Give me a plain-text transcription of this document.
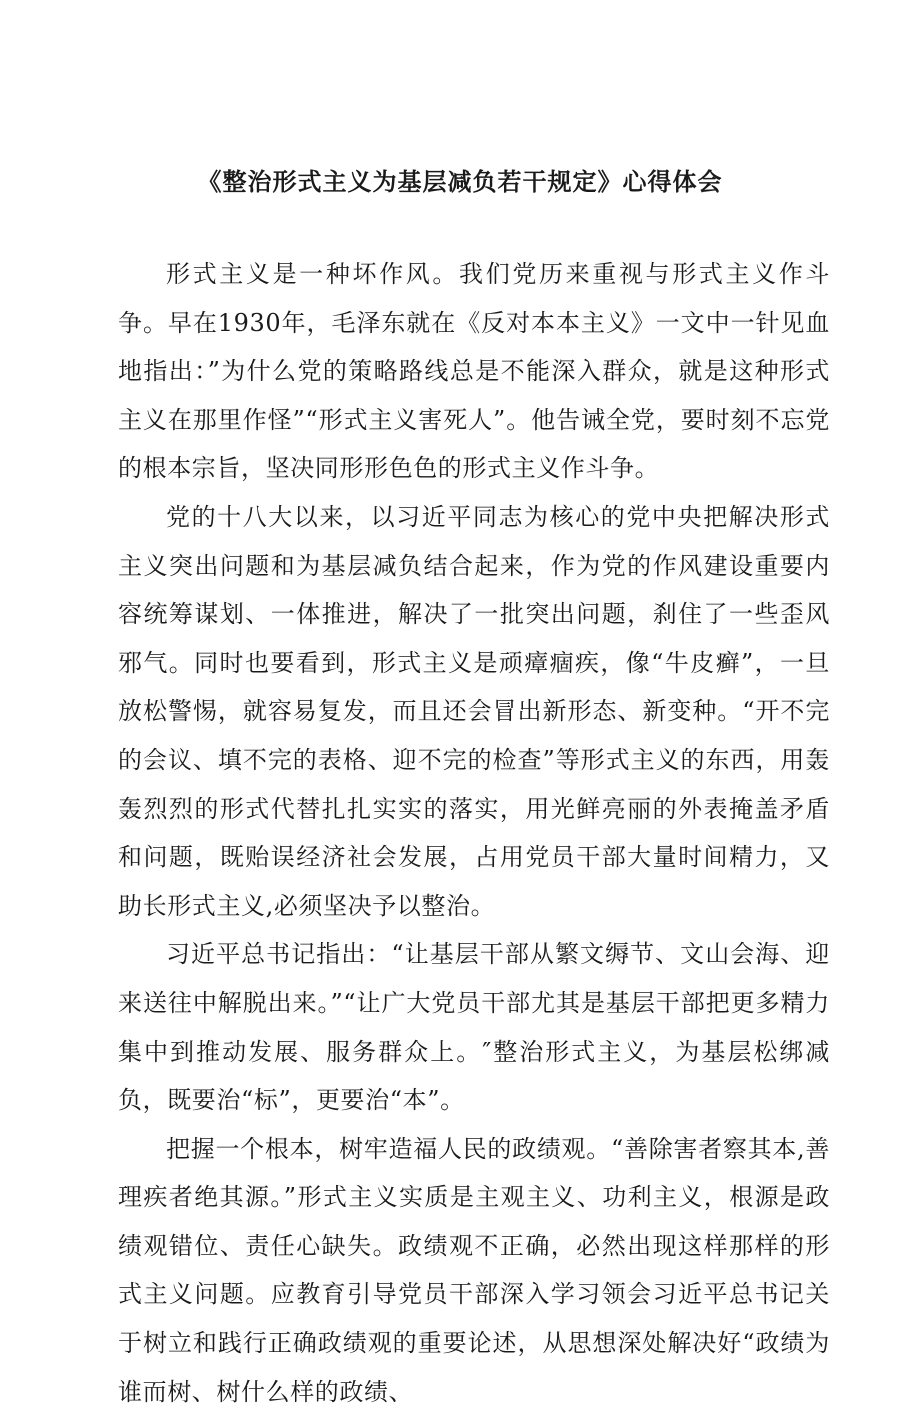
《整治形式主义为基层减负若干规定》心得体会

形式主义是一种坏作风。我们党历来重视与形式主义作斗争。早在1930年，毛泽东就在《反对本本主义》一文中一针见血地指出：”为什么党的策略路线总是不能深入群众，就是这种形式主义在那里作怪”“形式主义害死人”。他告诫全党，要时刻不忘党的根本宗旨，坚决同形形色色的形式主义作斗争。

党的十八大以来，以习近平同志为核心的党中央把解决形式主义突出问题和为基层减负结合起来，作为党的作风建设重要内容统筹谋划、一体推进，解决了一批突出问题，刹住了一些歪风邪气。同时也要看到，形式主义是顽瘴痼疾，像“牛皮癣”，一旦放松警惕，就容易复发，而且还会冒出新形态、新变种。“开不完的会议、填不完的表格、迎不完的检查”等形式主义的东西，用轰轰烈烈的形式代替扎扎实实的落实，用光鲜亮丽的外表掩盖矛盾和问题，既贻误经济社会发展，占用党员干部大量时间精力，又助长形式主义,必须坚决予以整治。

习近平总书记指出：“让基层干部从繁文缛节、文山会海、迎来送往中解脱出来。”“让广大党员干部尤其是基层干部把更多精力集中到推动发展、服务群众上。″整治形式主义，为基层松绑减负，既要治“标”，更要治“本”。

把握一个根本，树牢造福人民的政绩观。“善除害者察其本,善理疾者绝其源。”形式主义实质是主观主义、功利主义，根源是政绩观错位、责任心缺失。政绩观不正确，必然出现这样那样的形式主义问题。应教育引导党员干部深入学习领会习近平总书记关于树立和践行正确政绩观的重要论述，从思想深处解决好“政绩为谁而树、树什么样的政绩、
